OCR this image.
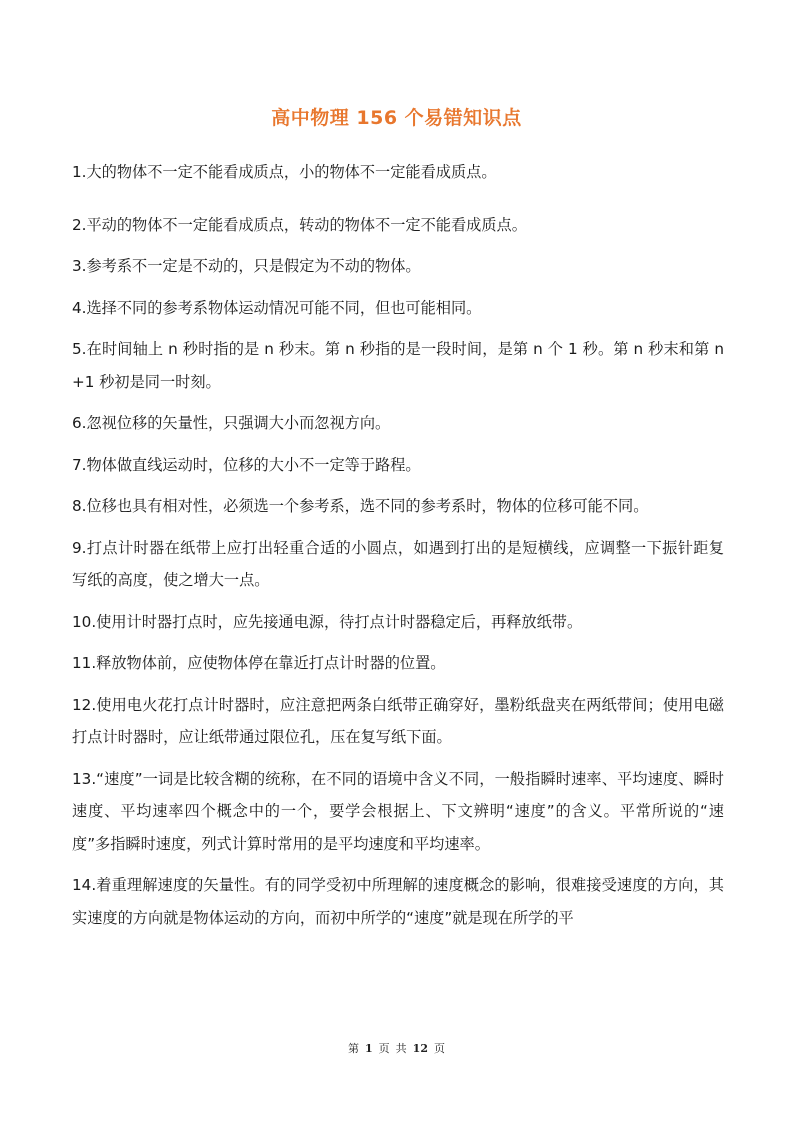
高中物理 156 个易错知识点

1.大的物体不一定不能看成质点，小的物体不一定能看成质点。

2.平动的物体不一定能看成质点，转动的物体不一定不能看成质点。

3.参考系不一定是不动的，只是假定为不动的物体。

4.选择不同的参考系物体运动情况可能不同，但也可能相同。

5.在时间轴上 n 秒时指的是 n 秒末。第 n 秒指的是一段时间，是第 n 个 1 秒。第 n 秒末和第 n+1 秒初是同一时刻。

6.忽视位移的矢量性，只强调大小而忽视方向。

7.物体做直线运动时，位移的大小不一定等于路程。

8.位移也具有相对性，必须选一个参考系，选不同的参考系时，物体的位移可能不同。

9.打点计时器在纸带上应打出轻重合适的小圆点，如遇到打出的是短横线，应调整一下振针距复写纸的高度，使之增大一点。

10.使用计时器打点时，应先接通电源，待打点计时器稳定后，再释放纸带。

11.释放物体前，应使物体停在靠近打点计时器的位置。

12.使用电火花打点计时器时，应注意把两条白纸带正确穿好，墨粉纸盘夹在两纸带间；使用电磁打点计时器时，应让纸带通过限位孔，压在复写纸下面。

13.“速度”一词是比较含糊的统称，在不同的语境中含义不同，一般指瞬时速率、平均速度、瞬时速度、平均速率四个概念中的一个，要学会根据上、下文辨明“速度”的含义。平常所说的“速度”多指瞬时速度，列式计算时常用的是平均速度和平均速率。

14.着重理解速度的矢量性。有的同学受初中所理解的速度概念的影响，很难接受速度的方向，其实速度的方向就是物体运动的方向，而初中所学的“速度”就是现在所学的平

第 1 页 共 12 页
